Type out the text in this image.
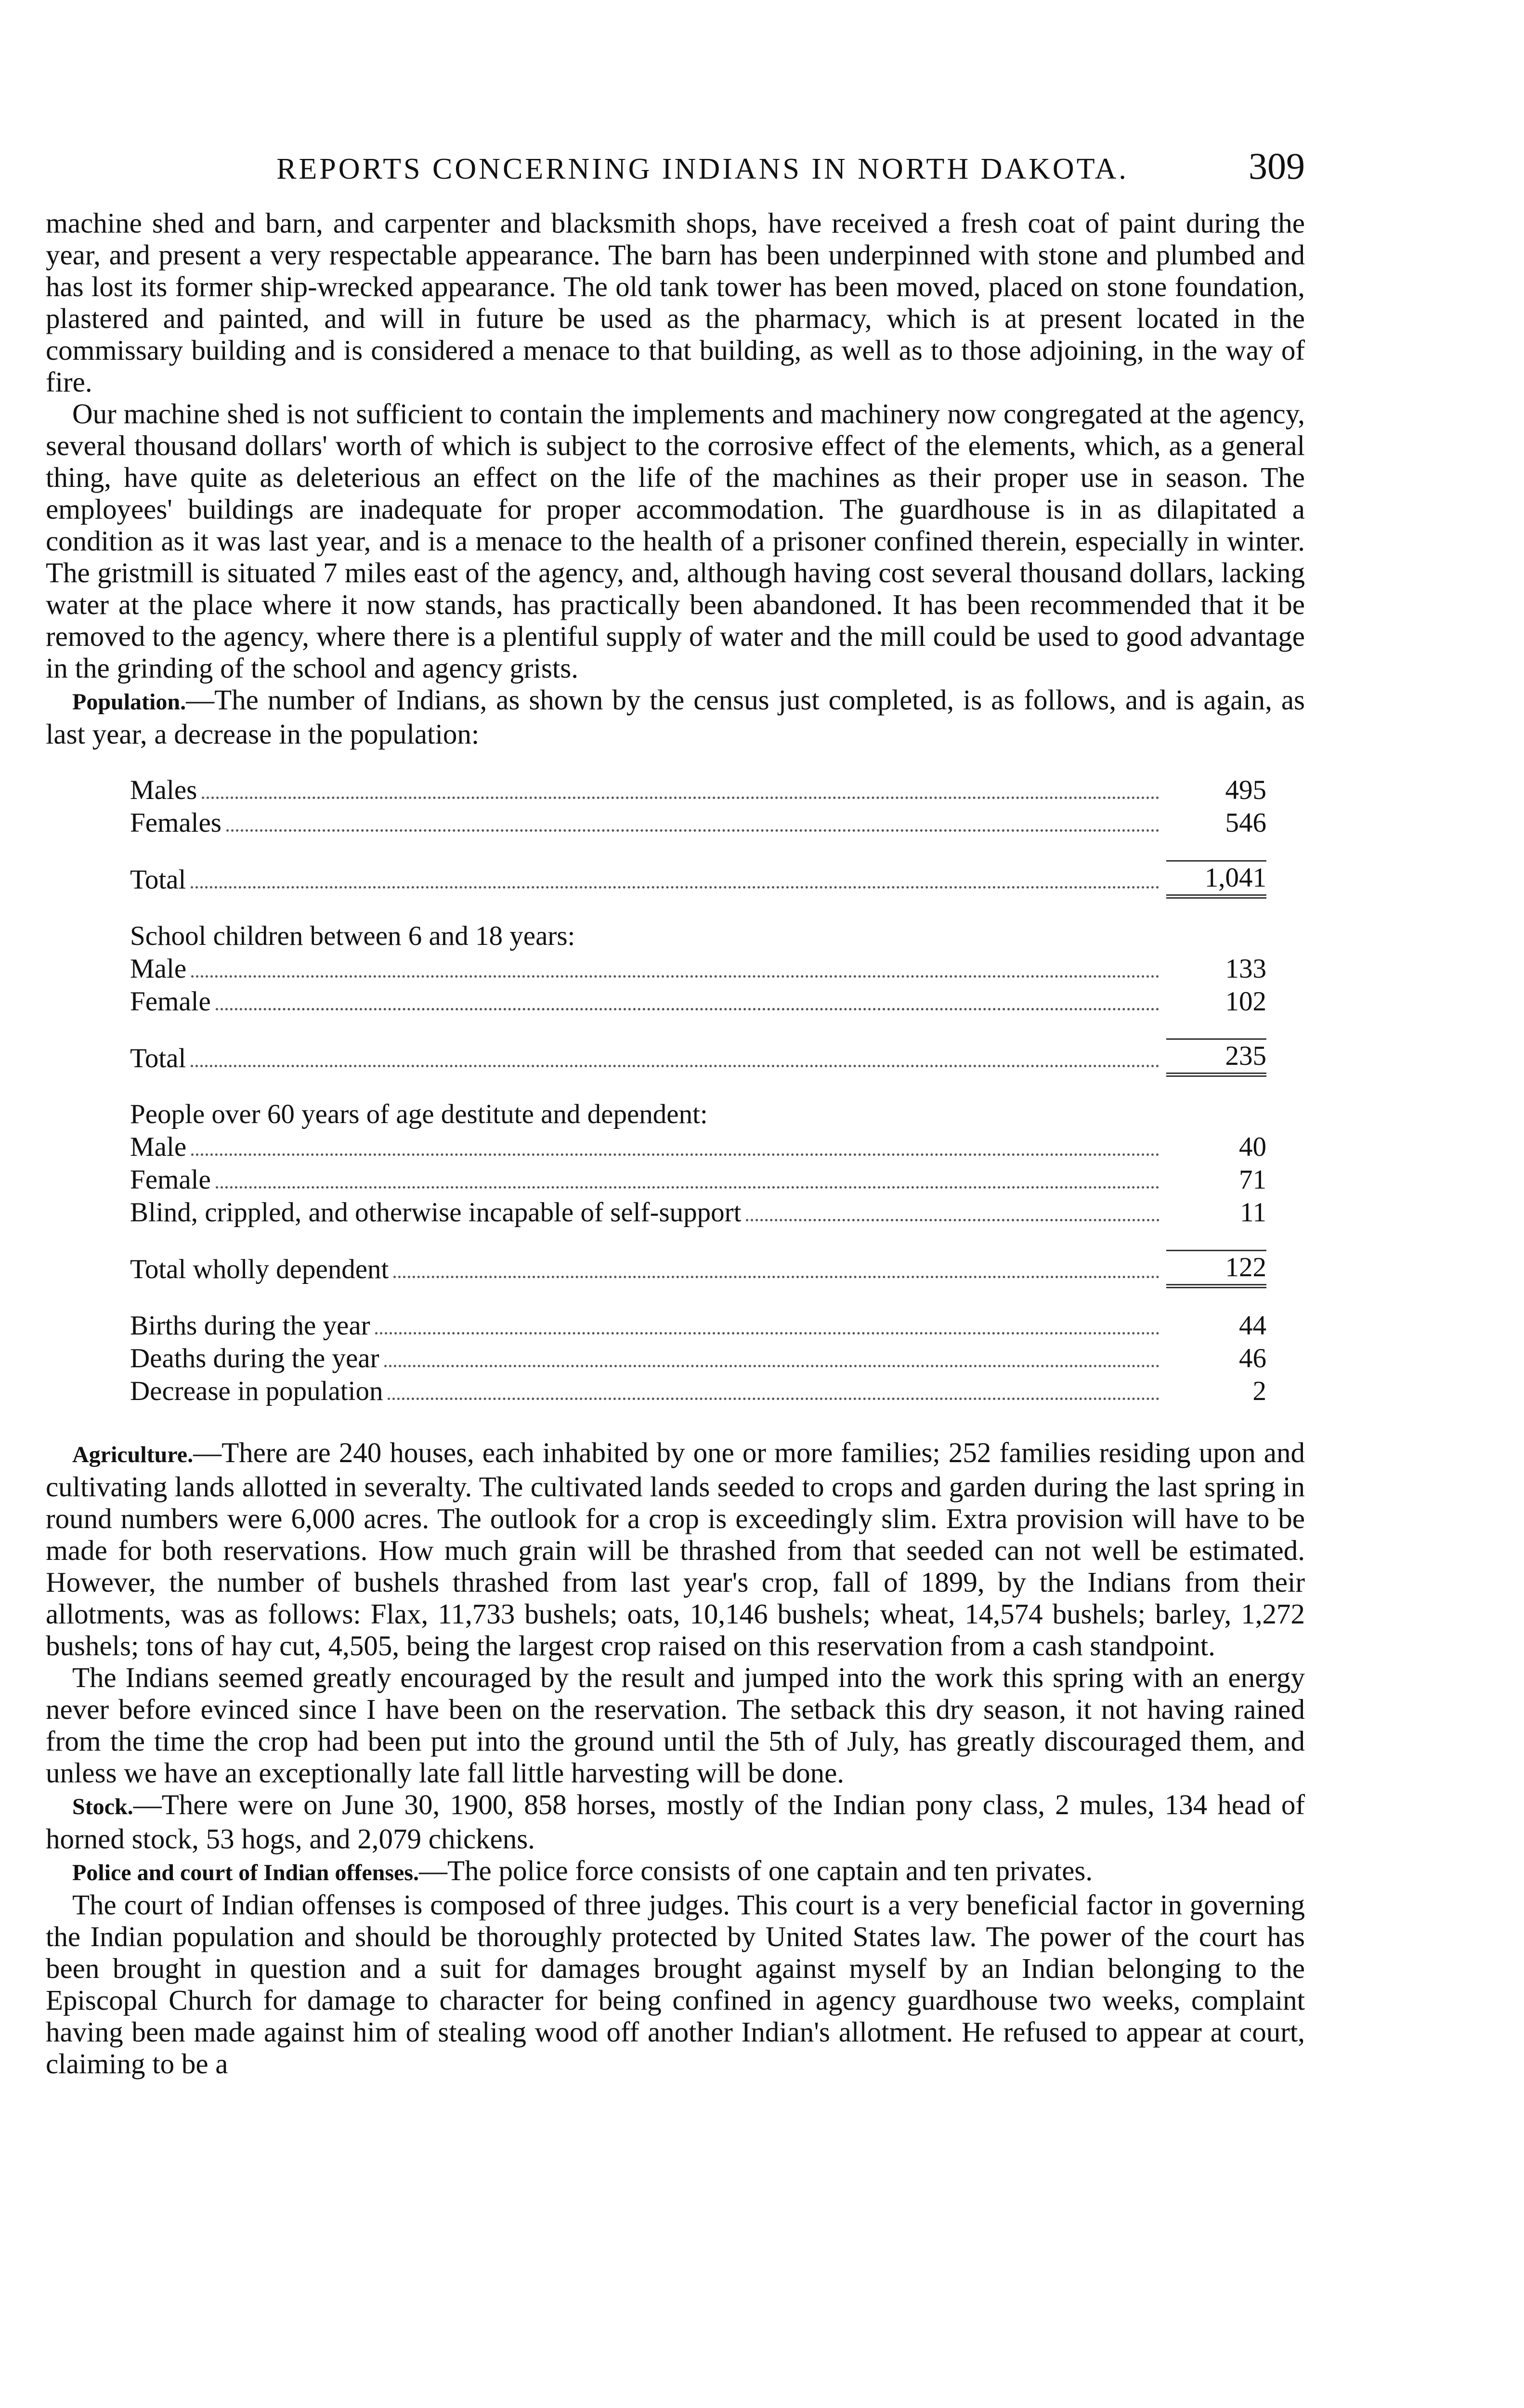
REPORTS CONCERNING INDIANS IN NORTH DAKOTA.	309

machine shed and barn, and carpenter and blacksmith shops, have received a fresh coat of paint during the year, and present a very respectable appearance. The barn has been underpinned with stone and plumbed and has lost its former ship-wrecked appearance. The old tank tower has been moved, placed on stone foundation, plastered and painted, and will in future be used as the pharmacy, which is at present located in the commissary building and is considered a menace to that building, as well as to those adjoining, in the way of fire.

Our machine shed is not sufficient to contain the implements and machinery now congregated at the agency, several thousand dollars' worth of which is subject to the corrosive effect of the elements, which, as a general thing, have quite as deleterious an effect on the life of the machines as their proper use in season. The employees' buildings are inadequate for proper accommodation. The guardhouse is in as dilapitated a condition as it was last year, and is a menace to the health of a prisoner confined therein, especially in winter. The gristmill is situated 7 miles east of the agency, and, although having cost several thousand dollars, lacking water at the place where it now stands, has practically been abandoned. It has been recommended that it be removed to the agency, where there is a plentiful supply of water and the mill could be used to good advantage in the grinding of the school and agency grists.

Population.—The number of Indians, as shown by the census just completed, is as follows, and is again, as last year, a decrease in the population:

Males	495

Females	546

Total	1,041

School children between 6 and 18 years:	

Male	133

Female	102

Total	235

People over 60 years of age destitute and dependent:	

Male	40

Female	71

Blind, crippled, and otherwise incapable of self-support	11

Total wholly dependent	122

Births during the year	44

Deaths during the year	46

Decrease in population	2

Agriculture.—There are 240 houses, each inhabited by one or more families; 252 families residing upon and cultivating lands allotted in severalty. The cultivated lands seeded to crops and garden during the last spring in round numbers were 6,000 acres. The outlook for a crop is exceedingly slim. Extra provision will have to be made for both reservations. How much grain will be thrashed from that seeded can not well be estimated. However, the number of bushels thrashed from last year's crop, fall of 1899, by the Indians from their allotments, was as follows: Flax, 11,733 bushels; oats, 10,146 bushels; wheat, 14,574 bushels; barley, 1,272 bushels; tons of hay cut, 4,505, being the largest crop raised on this reservation from a cash standpoint.

The Indians seemed greatly encouraged by the result and jumped into the work this spring with an energy never before evinced since I have been on the reservation. The setback this dry season, it not having rained from the time the crop had been put into the ground until the 5th of July, has greatly discouraged them, and unless we have an exceptionally late fall little harvesting will be done.

Stock.—There were on June 30, 1900, 858 horses, mostly of the Indian pony class, 2 mules, 134 head of horned stock, 53 hogs, and 2,079 chickens.

Police and court of Indian offenses.—The police force consists of one captain and ten privates.

The court of Indian offenses is composed of three judges. This court is a very beneficial factor in governing the Indian population and should be thoroughly protected by United States law. The power of the court has been brought in question and a suit for damages brought against myself by an Indian belonging to the Episcopal Church for damage to character for being confined in agency guardhouse two weeks, complaint having been made against him of stealing wood off another Indian's allotment. He refused to appear at court, claiming to be a
